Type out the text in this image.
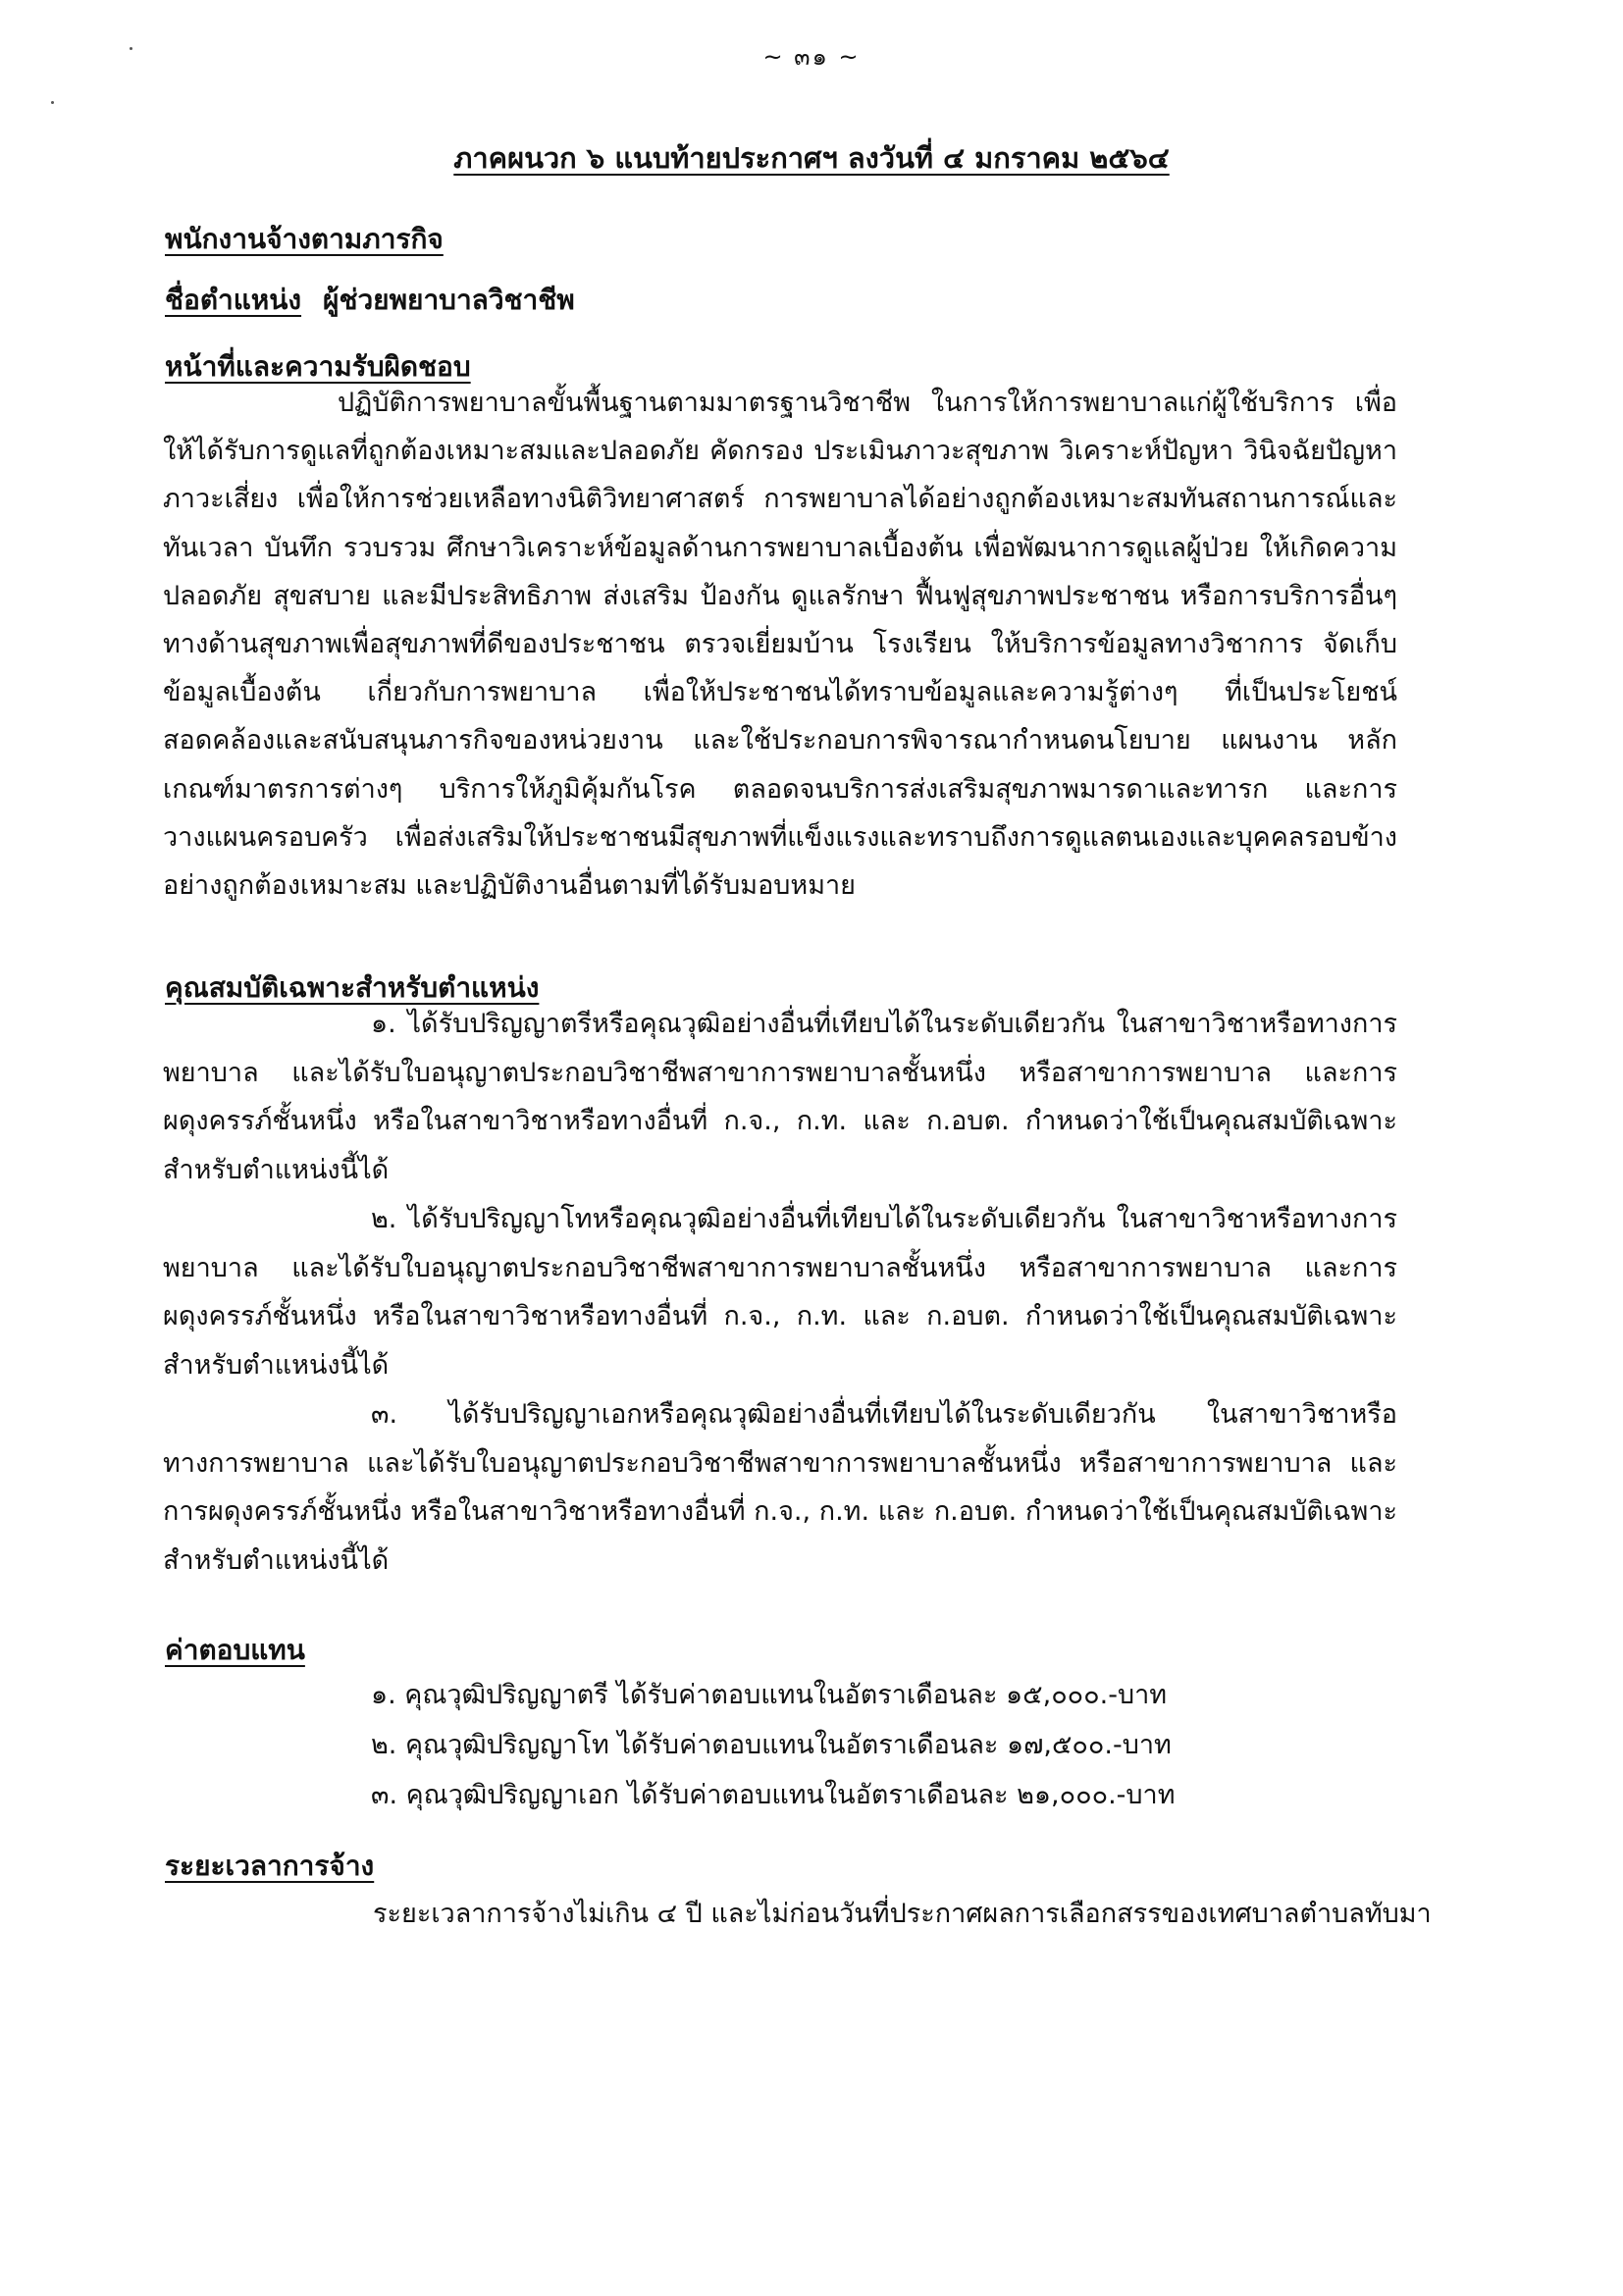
~ ๓๑ ~
ภาคผนวก ๖ แนบท้ายประกาศฯ ลงวันที่ ๔ มกราคม ๒๕๖๔
พนักงานจ้างตามภารกิจ
ชื่อตำแหน่ง ผู้ช่วยพยาบาลวิชาชีพ
หน้าที่และความรับผิดชอบ
ปฏิบัติการพยาบาลขั้นพื้นฐานตามมาตรฐานวิชาชีพ ในการให้การพยาบาลแก่ผู้ใช้บริการ เพื่อให้ได้รับการดูแลที่ถูกต้องเหมาะสมและปลอดภัย คัดกรอง ประเมินภาวะสุขภาพ วิเคราะห์ปัญหา วินิจฉัยปัญหา ภาวะเสี่ยง เพื่อให้การช่วยเหลือทางนิติวิทยาศาสตร์ การพยาบาลได้อย่างถูกต้องเหมาะสมทันสถานการณ์และทันเวลา บันทึก รวบรวม ศึกษาวิเคราะห์ข้อมูลด้านการพยาบาลเบื้องต้น เพื่อพัฒนาการดูแลผู้ป่วย ให้เกิดความปลอดภัย สุขสบาย และมีประสิทธิภาพ ส่งเสริม ป้องกัน ดูแลรักษา ฟื้นฟูสุขภาพประชาชน หรือการบริการอื่นๆ ทางด้านสุขภาพเพื่อสุขภาพที่ดีของประชาชน ตรวจเยี่ยมบ้าน โรงเรียน ให้บริการข้อมูลทางวิชาการ จัดเก็บข้อมูลเบื้องต้น เกี่ยวกับการพยาบาล เพื่อให้ประชาชนได้ทราบข้อมูลและความรู้ต่างๆ ที่เป็นประโยชน์ สอดคล้องและสนับสนุนภารกิจของหน่วยงาน และใช้ประกอบการพิจารณากำหนดนโยบาย แผนงาน หลักเกณฑ์มาตรการต่างๆ บริการให้ภูมิคุ้มกันโรค ตลอดจนบริการส่งเสริมสุขภาพมารดาและทารก และการวางแผนครอบครัว เพื่อส่งเสริมให้ประชาชนมีสุขภาพที่แข็งแรงและทราบถึงการดูแลตนเองและบุคคลรอบข้างอย่างถูกต้องเหมาะสม และปฏิบัติงานอื่นตามที่ได้รับมอบหมาย
คุณสมบัติเฉพาะสำหรับตำแหน่ง
๑. ได้รับปริญญาตรีหรือคุณวุฒิอย่างอื่นที่เทียบได้ในระดับเดียวกัน ในสาขาวิชาหรือทางการพยาบาล และได้รับใบอนุญาตประกอบวิชาชีพสาขาการพยาบาลชั้นหนึ่ง หรือสาขาการพยาบาล และการผดุงครรภ์ชั้นหนึ่ง หรือในสาขาวิชาหรือทางอื่นที่ ก.จ., ก.ท. และ ก.อบต. กำหนดว่าใช้เป็นคุณสมบัติเฉพาะสำหรับตำแหน่งนี้ได้
๒. ได้รับปริญญาโทหรือคุณวุฒิอย่างอื่นที่เทียบได้ในระดับเดียวกัน ในสาขาวิชาหรือทางการพยาบาล และได้รับใบอนุญาตประกอบวิชาชีพสาขาการพยาบาลชั้นหนึ่ง หรือสาขาการพยาบาล และการผดุงครรภ์ชั้นหนึ่ง หรือในสาขาวิชาหรือทางอื่นที่ ก.จ., ก.ท. และ ก.อบต. กำหนดว่าใช้เป็นคุณสมบัติเฉพาะสำหรับตำแหน่งนี้ได้
๓. ได้รับปริญญาเอกหรือคุณวุฒิอย่างอื่นที่เทียบได้ในระดับเดียวกัน ในสาขาวิชาหรือทางการพยาบาล และได้รับใบอนุญาตประกอบวิชาชีพสาขาการพยาบาลชั้นหนึ่ง หรือสาขาการพยาบาล และการผดุงครรภ์ชั้นหนึ่ง หรือในสาขาวิชาหรือทางอื่นที่ ก.จ., ก.ท. และ ก.อบต. กำหนดว่าใช้เป็นคุณสมบัติเฉพาะสำหรับตำแหน่งนี้ได้
ค่าตอบแทน
๑. คุณวุฒิปริญญาตรี ได้รับค่าตอบแทนในอัตราเดือนละ ๑๕,๐๐๐.-บาท
๒. คุณวุฒิปริญญาโท ได้รับค่าตอบแทนในอัตราเดือนละ ๑๗,๕๐๐.-บาท
๓. คุณวุฒิปริญญาเอก ได้รับค่าตอบแทนในอัตราเดือนละ ๒๑,๐๐๐.-บาท
ระยะเวลาการจ้าง
ระยะเวลาการจ้างไม่เกิน ๔ ปี และไม่ก่อนวันที่ประกาศผลการเลือกสรรของเทศบาลตำบลทับมา
